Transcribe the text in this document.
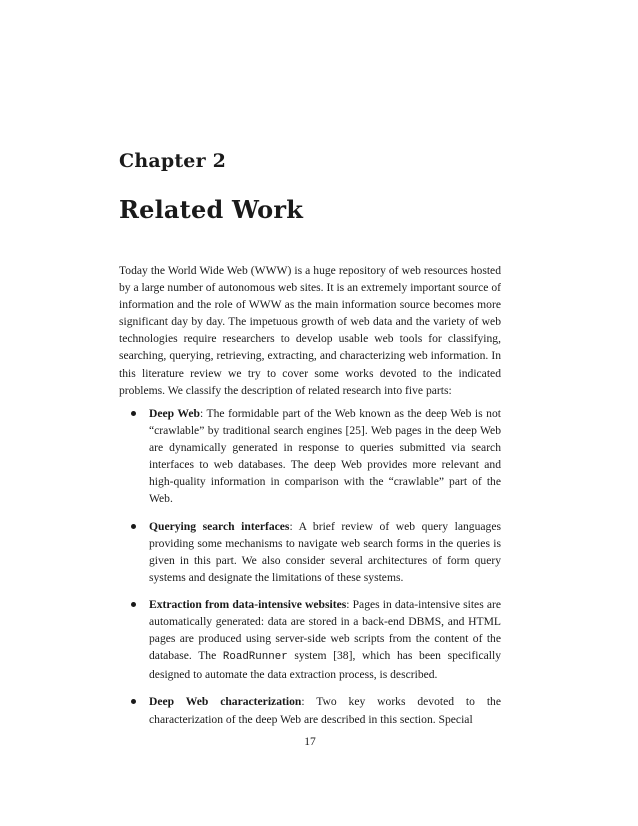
Chapter 2
Related Work

Today the World Wide Web (WWW) is a huge repository of web resources hosted by a large number of autonomous web sites. It is an extremely important source of information and the role of WWW as the main information source becomes more significant day by day. The impetuous growth of web data and the variety of web technologies require researchers to develop usable web tools for classifying, searching, querying, retrieving, extracting, and characterizing web information. In this literature review we try to cover some works devoted to the indicated problems. We classify the description of related research into five parts:

Deep Web: The formidable part of the Web known as the deep Web is not “crawlable” by traditional search engines [25]. Web pages in the deep Web are dynamically generated in response to queries submitted via search interfaces to web databases. The deep Web provides more relevant and high-quality information in comparison with the “crawlable” part of the Web.
Querying search interfaces: A brief review of web query languages providing some mechanisms to navigate web search forms in the queries is given in this part. We also consider several architectures of form query systems and designate the limitations of these systems.
Extraction from data-intensive websites: Pages in data-intensive sites are automatically generated: data are stored in a back-end DBMS, and HTML pages are produced using server-side web scripts from the content of the database. The RoadRunner system [38], which has been specifically designed to automate the data extraction process, is described.
Deep Web characterization: Two key works devoted to the characterization of the deep Web are described in this section. Special
17
